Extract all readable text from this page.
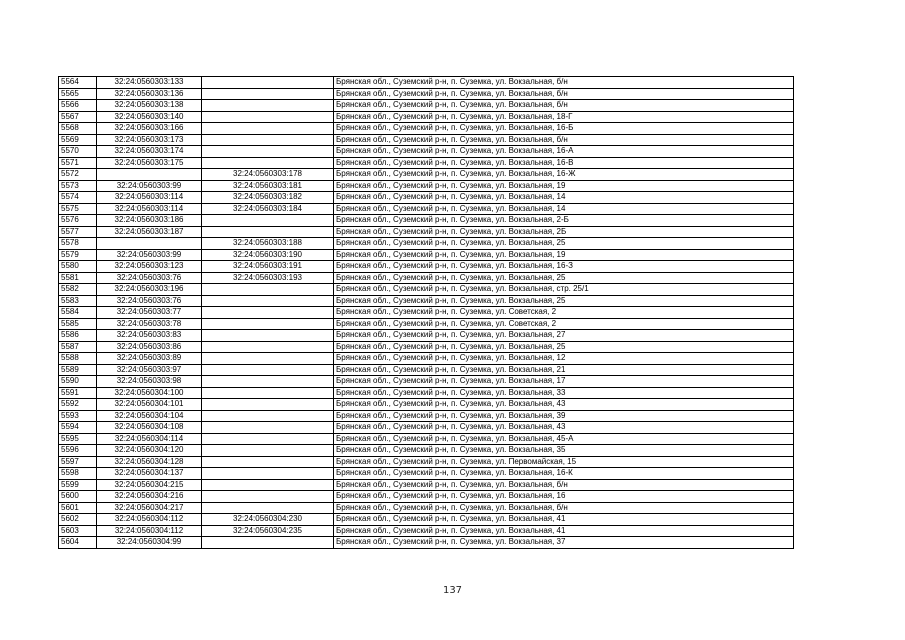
5564	32:24:0560303:133		Брянская обл., Суземский р-н, п. Суземка, ул. Вокзальная, б/н
5565	32:24:0560303:136		Брянская обл., Суземский р-н, п. Суземка, ул. Вокзальная, б/н
5566	32:24:0560303:138		Брянская обл., Суземский р-н, п. Суземка, ул. Вокзальная, б/н
5567	32:24:0560303:140		Брянская обл., Суземский р-н, п. Суземка, ул. Вокзальная, 18-Г
5568	32:24:0560303:166		Брянская обл., Суземский р-н, п. Суземка, ул. Вокзальная, 16-Б
5569	32:24:0560303:173		Брянская обл., Суземский р-н, п. Суземка, ул. Вокзальная, б/н
5570	32:24:0560303:174		Брянская обл., Суземский р-н, п. Суземка, ул. Вокзальная, 16-А
5571	32:24:0560303:175		Брянская обл., Суземский р-н, п. Суземка, ул. Вокзальная, 16-В
5572		32:24:0560303:178	Брянская обл., Суземский р-н, п. Суземка, ул. Вокзальная, 16-Ж
5573	32:24:0560303:99	32:24:0560303:181	Брянская обл., Суземский р-н, п. Суземка, ул. Вокзальная, 19
5574	32:24:0560303:114	32:24:0560303:182	Брянская обл., Суземский р-н, п. Суземка, ул. Вокзальная, 14
5575	32:24:0560303:114	32:24:0560303:184	Брянская обл., Суземский р-н, п. Суземка, ул. Вокзальная, 14
5576	32:24:0560303:186		Брянская обл., Суземский р-н, п. Суземка, ул. Вокзальная, 2-Б
5577	32:24:0560303:187		Брянская обл., Суземский р-н, п. Суземка, ул. Вокзальная, 2Б
5578		32:24:0560303:188	Брянская обл., Суземский р-н, п. Суземка, ул. Вокзальная, 25
5579	32:24:0560303:99	32:24:0560303:190	Брянская обл., Суземский р-н, п. Суземка, ул. Вокзальная, 19
5580	32:24:0560303:123	32:24:0560303:191	Брянская обл., Суземский р-н, п. Суземка, ул. Вокзальная, 16-З
5581	32:24:0560303:76	32:24:0560303:193	Брянская обл., Суземский р-н, п. Суземка, ул. Вокзальная, 25
5582	32:24:0560303:196		Брянская обл., Суземский р-н, п. Суземка, ул. Вокзальная, стр. 25/1
5583	32:24:0560303:76		Брянская обл., Суземский р-н, п. Суземка, ул. Вокзальная, 25
5584	32:24:0560303:77		Брянская обл., Суземский р-н, п. Суземка, ул. Советская, 2
5585	32:24:0560303:78		Брянская обл., Суземский р-н, п. Суземка, ул. Советская, 2
5586	32:24:0560303:83		Брянская обл., Суземский р-н, п. Суземка, ул. Вокзальная, 27
5587	32:24:0560303:86		Брянская обл., Суземский р-н, п. Суземка, ул. Вокзальная, 25
5588	32:24:0560303:89		Брянская обл., Суземский р-н, п. Суземка, ул. Вокзальная, 12
5589	32:24:0560303:97		Брянская обл., Суземский р-н, п. Суземка, ул. Вокзальная, 21
5590	32:24:0560303:98		Брянская обл., Суземский р-н, п. Суземка, ул. Вокзальная, 17
5591	32:24:0560304:100		Брянская обл., Суземский р-н, п. Суземка, ул. Вокзальная, 33
5592	32:24:0560304:101		Брянская обл., Суземский р-н, п. Суземка, ул. Вокзальная, 43
5593	32:24:0560304:104		Брянская обл., Суземский р-н, п. Суземка, ул. Вокзальная, 39
5594	32:24:0560304:108		Брянская обл., Суземский р-н, п. Суземка, ул. Вокзальная, 43
5595	32:24:0560304:114		Брянская обл., Суземский р-н, п. Суземка, ул. Вокзальная, 45-А
5596	32:24:0560304:120		Брянская обл., Суземский р-н, п. Суземка, ул. Вокзальная, 35
5597	32:24:0560304:128		Брянская обл., Суземский р-н, п. Суземка, ул. Первомайская, 15
5598	32:24:0560304:137		Брянская обл., Суземский р-н, п. Суземка, ул. Вокзальная, 16-К
5599	32:24:0560304:215		Брянская обл., Суземский р-н, п. Суземка, ул. Вокзальная, б/н
5600	32:24:0560304:216		Брянская обл., Суземский р-н, п. Суземка, ул. Вокзальная, 16
5601	32:24:0560304:217		Брянская обл., Суземский р-н, п. Суземка, ул. Вокзальная, б/н
5602	32:24:0560304:112	32:24:0560304:230	Брянская обл., Суземский р-н, п. Суземка, ул. Вокзальная, 41
5603	32:24:0560304:112	32:24:0560304:235	Брянская обл., Суземский р-н, п. Суземка, ул. Вокзальная, 41
5604	32:24:0560304:99		Брянская обл., Суземский р-н, п. Суземка, ул. Вокзальная, 37
137
